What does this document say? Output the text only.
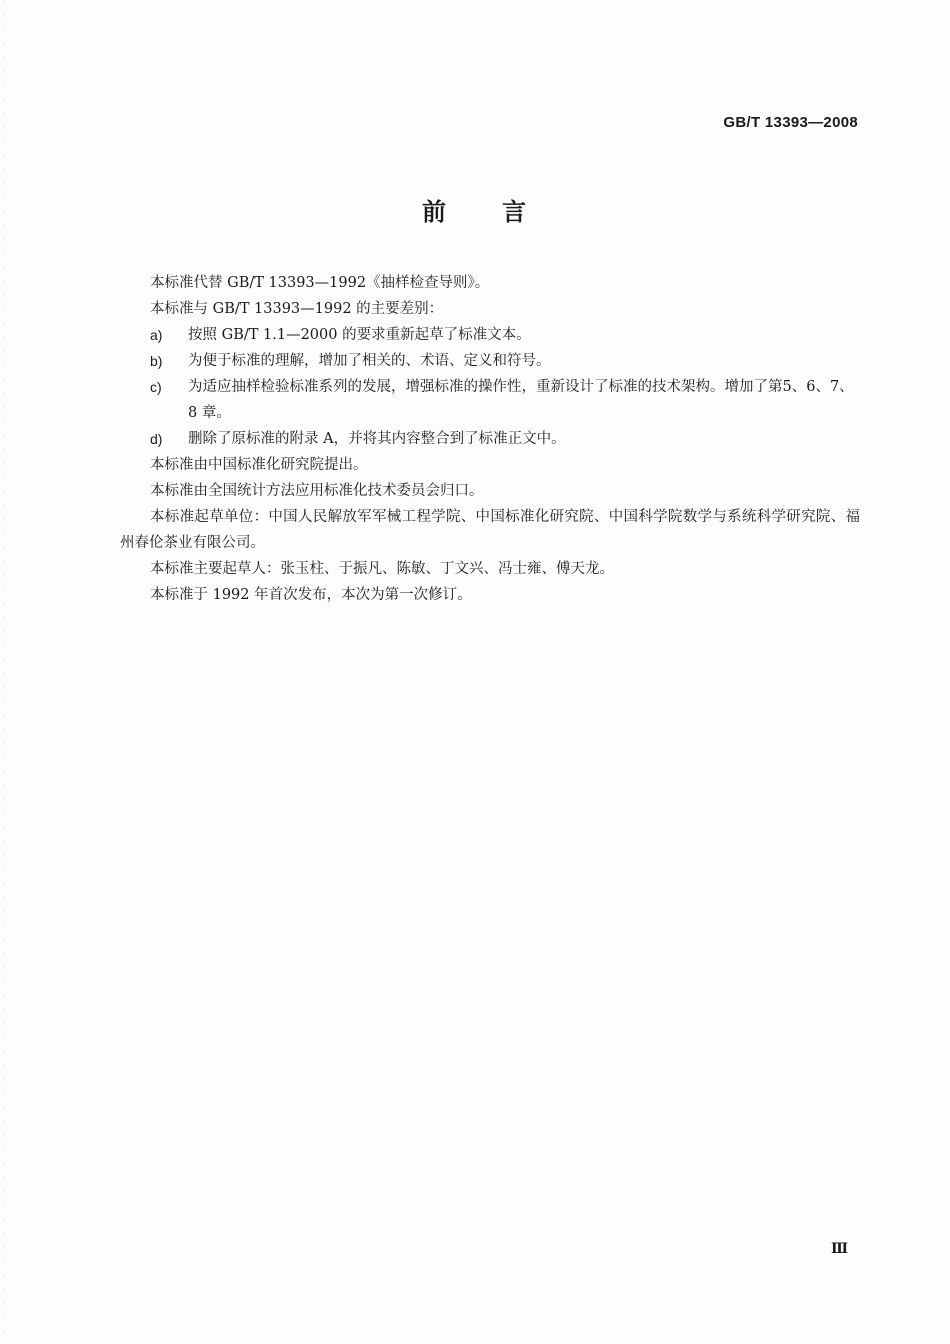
GB/T 13393—2008
前 言

本标准代替 GB/T 13393—1992《抽样检查导则》。

本标准与 GB/T 13393—1992 的主要差别：

a) 按照 GB/T 1.1—2000 的要求重新起草了标准文本。
b) 为便于标准的理解，增加了相关的、术语、定义和符号。
c) 为适应抽样检验标准系列的发展，增强标准的操作性，重新设计了标准的技术架构。增加了第5、6、7、8 章。
d) 删除了原标准的附录 A，并将其内容整合到了标准正文中。

本标准由中国标准化研究院提出。

本标准由全国统计方法应用标准化技术委员会归口。

本标准起草单位：中国人民解放军军械工程学院、中国标准化研究院、中国科学院数学与系统科学研究院、福州春伦茶业有限公司。

本标准主要起草人：张玉柱、于振凡、陈敏、丁文兴、冯士雍、傅天龙。

本标准于 1992 年首次发布，本次为第一次修订。

Ⅲ
